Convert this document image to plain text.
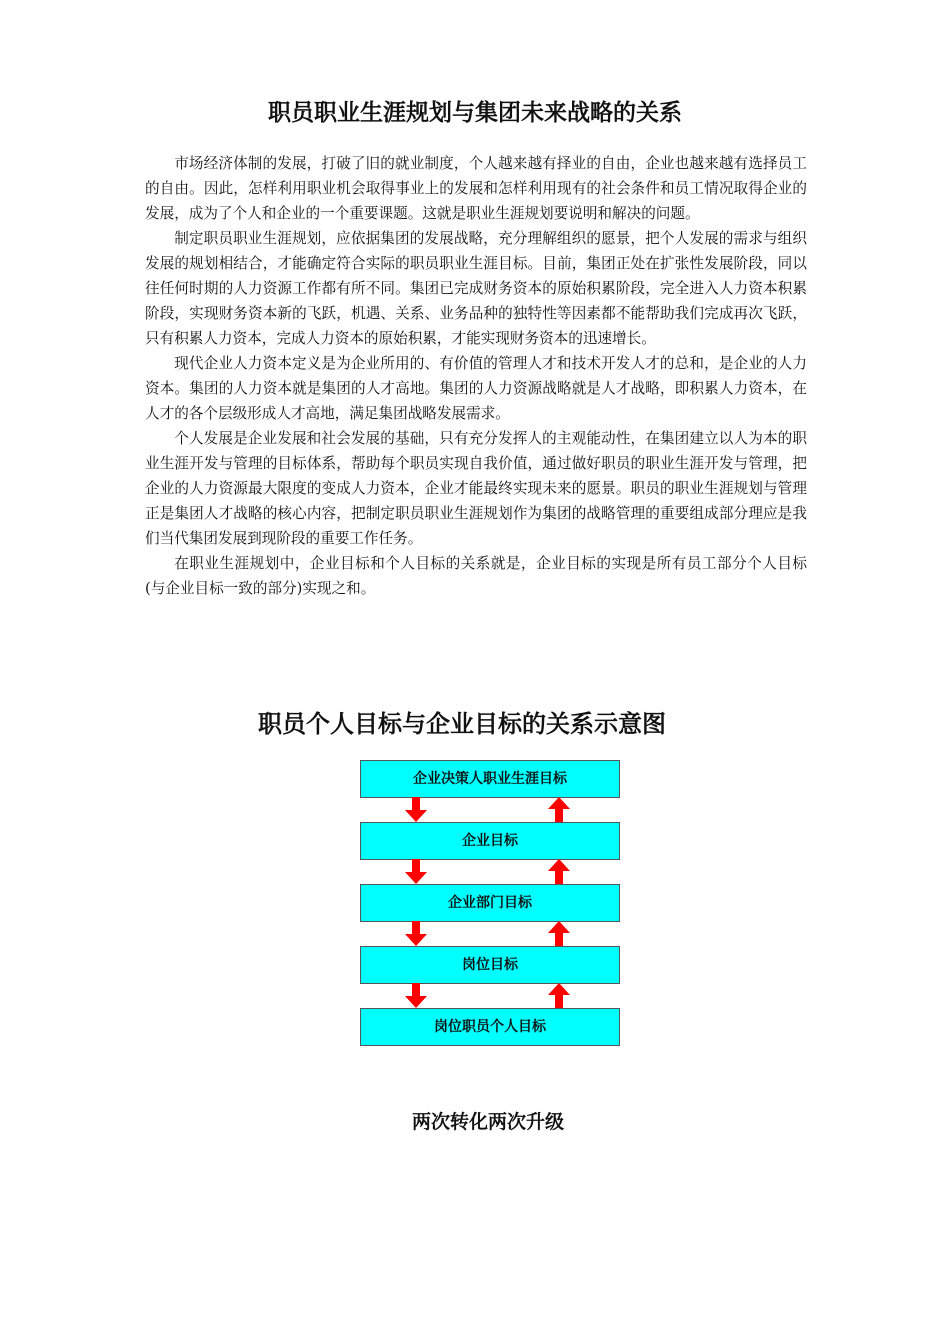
职员职业生涯规划与集团未来战略的关系

市场经济体制的发展，打破了旧的就业制度，个人越来越有择业的自由，企业也越来越有选择员工的自由。因此，怎样利用职业机会取得事业上的发展和怎样利用现有的社会条件和员工情况取得企业的发展，成为了个人和企业的一个重要课题。这就是职业生涯规划要说明和解决的问题。

制定职员职业生涯规划，应依据集团的发展战略，充分理解组织的愿景，把个人发展的需求与组织发展的规划相结合，才能确定符合实际的职员职业生涯目标。目前，集团正处在扩张性发展阶段，同以往任何时期的人力资源工作都有所不同。集团已完成财务资本的原始积累阶段，完全进入人力资本积累阶段，实现财务资本新的飞跃，机遇、关系、业务品种的独特性等因素都不能帮助我们完成再次飞跃，只有积累人力资本，完成人力资本的原始积累，才能实现财务资本的迅速增长。

现代企业人力资本定义是为企业所用的、有价值的管理人才和技术开发人才的总和，是企业的人力资本。集团的人力资本就是集团的人才高地。集团的人力资源战略就是人才战略，即积累人力资本，在人才的各个层级形成人才高地，满足集团战略发展需求。

个人发展是企业发展和社会发展的基础，只有充分发挥人的主观能动性，在集团建立以人为本的职业生涯开发与管理的目标体系，帮助每个职员实现自我价值，通过做好职员的职业生涯开发与管理，把企业的人力资源最大限度的变成人力资本，企业才能最终实现未来的愿景。职员的职业生涯规划与管理正是集团人才战略的核心内容，把制定职员职业生涯规划作为集团的战略管理的重要组成部分理应是我们当代集团发展到现阶段的重要工作任务。

在职业生涯规划中，企业目标和个人目标的关系就是，企业目标的实现是所有员工部分个人目标(与企业目标一致的部分)实现之和。

职员个人目标与企业目标的关系示意图
企业决策人职业生涯目标
企业目标
企业部门目标
岗位目标
岗位职员个人目标
两次转化两次升级
